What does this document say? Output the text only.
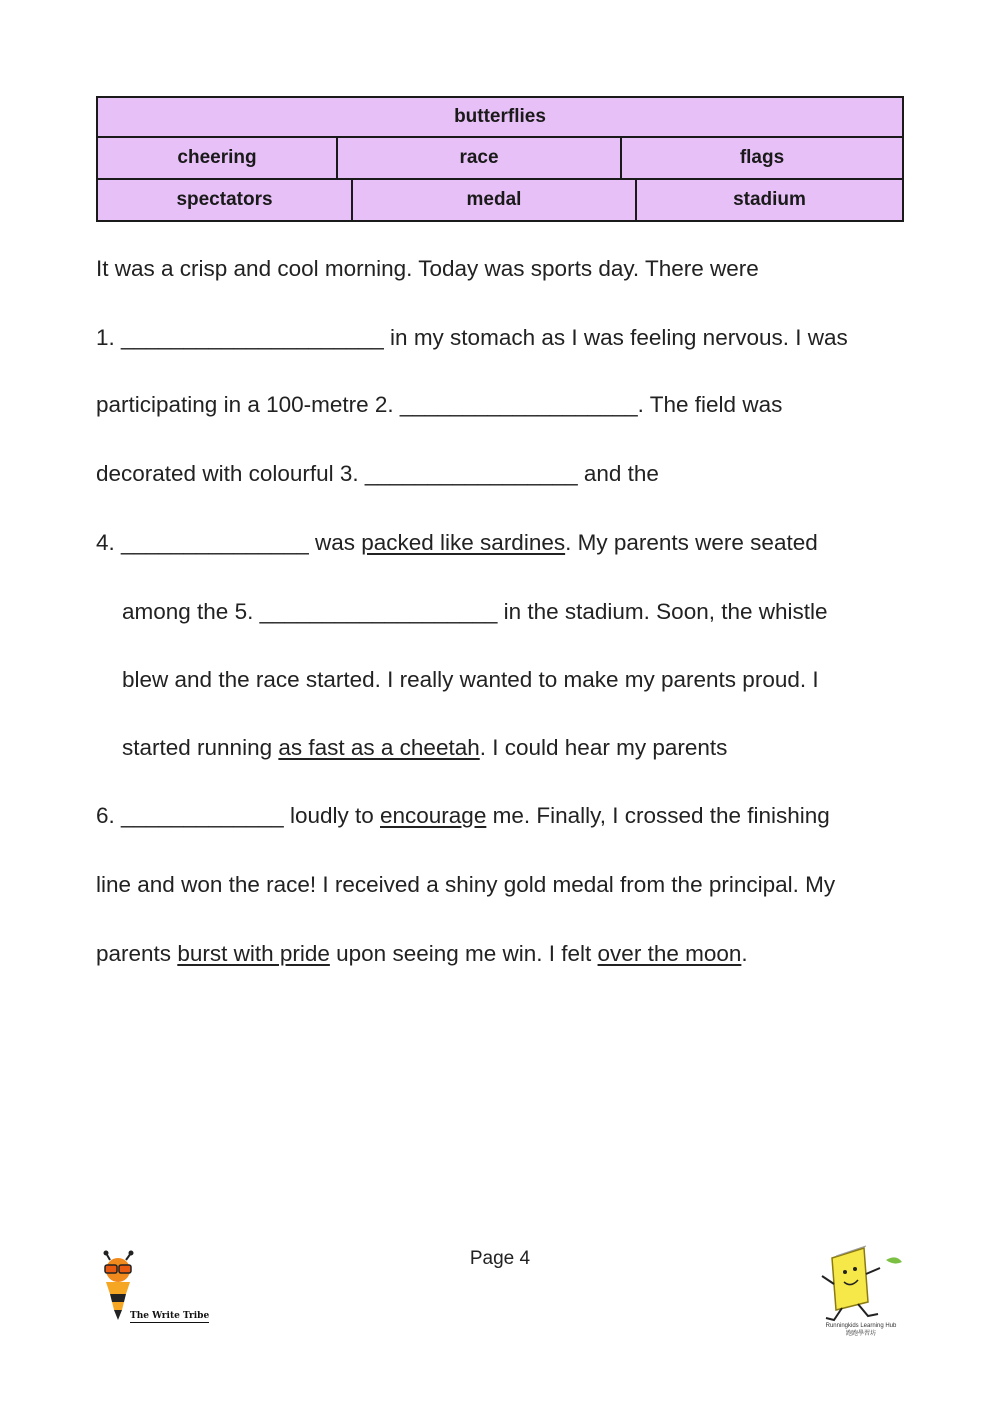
butterflies
cheering	race	flags
spectators	medal	stadium
It was a crisp and cool morning. Today was sports day. There were
1. _____________________ in my stomach as I was feeling nervous. I was
participating in a 100-metre 2. ___________________. The field was
decorated with colourful 3. _________________ and the
4. _______________ was packed like sardines. My parents were seated
among the 5. ___________________ in the stadium. Soon, the whistle
blew and the race started. I really wanted to make my parents proud. I
started running as fast as a cheetah. I could hear my parents
6. _____________ loudly to encourage me. Finally, I crossed the finishing
line and won the race! I received a shiny gold medal from the principal. My
parents burst with pride upon seeing me win. I felt over the moon.
Page 4
The Write Tribe
Runningkids Learning Hub
跑跑學習坊
